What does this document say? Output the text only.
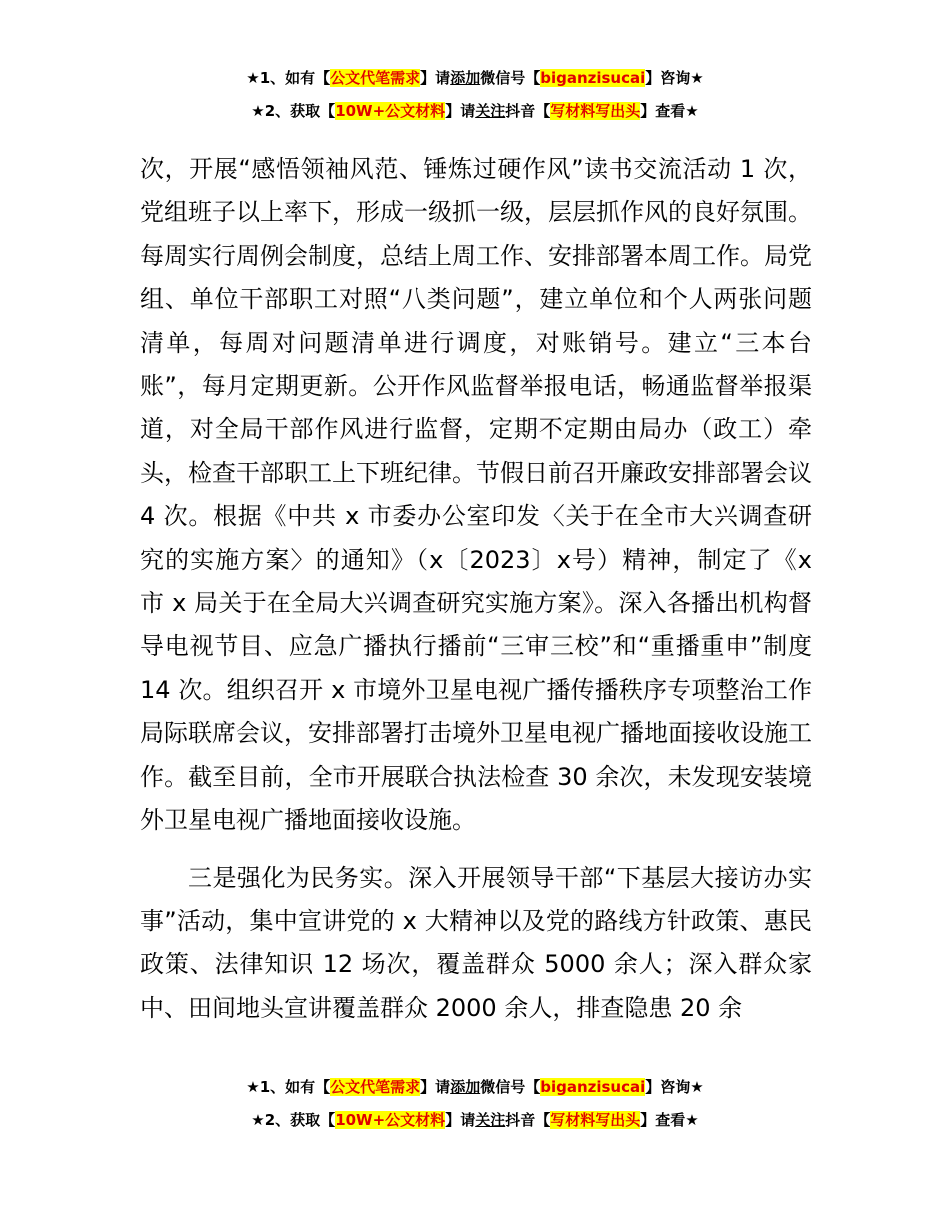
★1、如有【公文代笔需求】请添加微信号【biganzisucai】咨询★
★2、获取【10W+公文材料】请关注抖音【写材料写出头】查看★

次，开展“感悟领袖风范、锤炼过硬作风”读书交流活动 1 次，党组班子以上率下，形成一级抓一级，层层抓作风的良好氛围。每周实行周例会制度，总结上周工作、安排部署本周工作。局党组、单位干部职工对照“八类问题”，建立单位和个人两张问题清单，每周对问题清单进行调度，对账销号。建立“三本台账”，每月定期更新。公开作风监督举报电话，畅通监督举报渠道，对全局干部作风进行监督，定期不定期由局办（政工）牵头，检查干部职工上下班纪律。节假日前召开廉政安排部署会议 4 次。根据《中共 x 市委办公室印发〈关于在全市大兴调查研究的实施方案〉的通知》（x〔2023〕x号）精神，制定了《x 市 x 局关于在全局大兴调查研究实施方案》。深入各播出机构督导电视节目、应急广播执行播前“三审三校”和“重播重申”制度 14 次。组织召开 x 市境外卫星电视广播传播秩序专项整治工作局际联席会议，安排部署打击境外卫星电视广播地面接收设施工作。截至目前，全市开展联合执法检查 30 余次，未发现安装境外卫星电视广播地面接收设施。

三是强化为民务实。深入开展领导干部“下基层大接访办实事”活动，集中宣讲党的 x 大精神以及党的路线方针政策、惠民政策、法律知识 12 场次，覆盖群众 5000 余人；深入群众家中、田间地头宣讲覆盖群众 2000 余人，排查隐患 20 余

★1、如有【公文代笔需求】请添加微信号【biganzisucai】咨询★
★2、获取【10W+公文材料】请关注抖音【写材料写出头】查看★
